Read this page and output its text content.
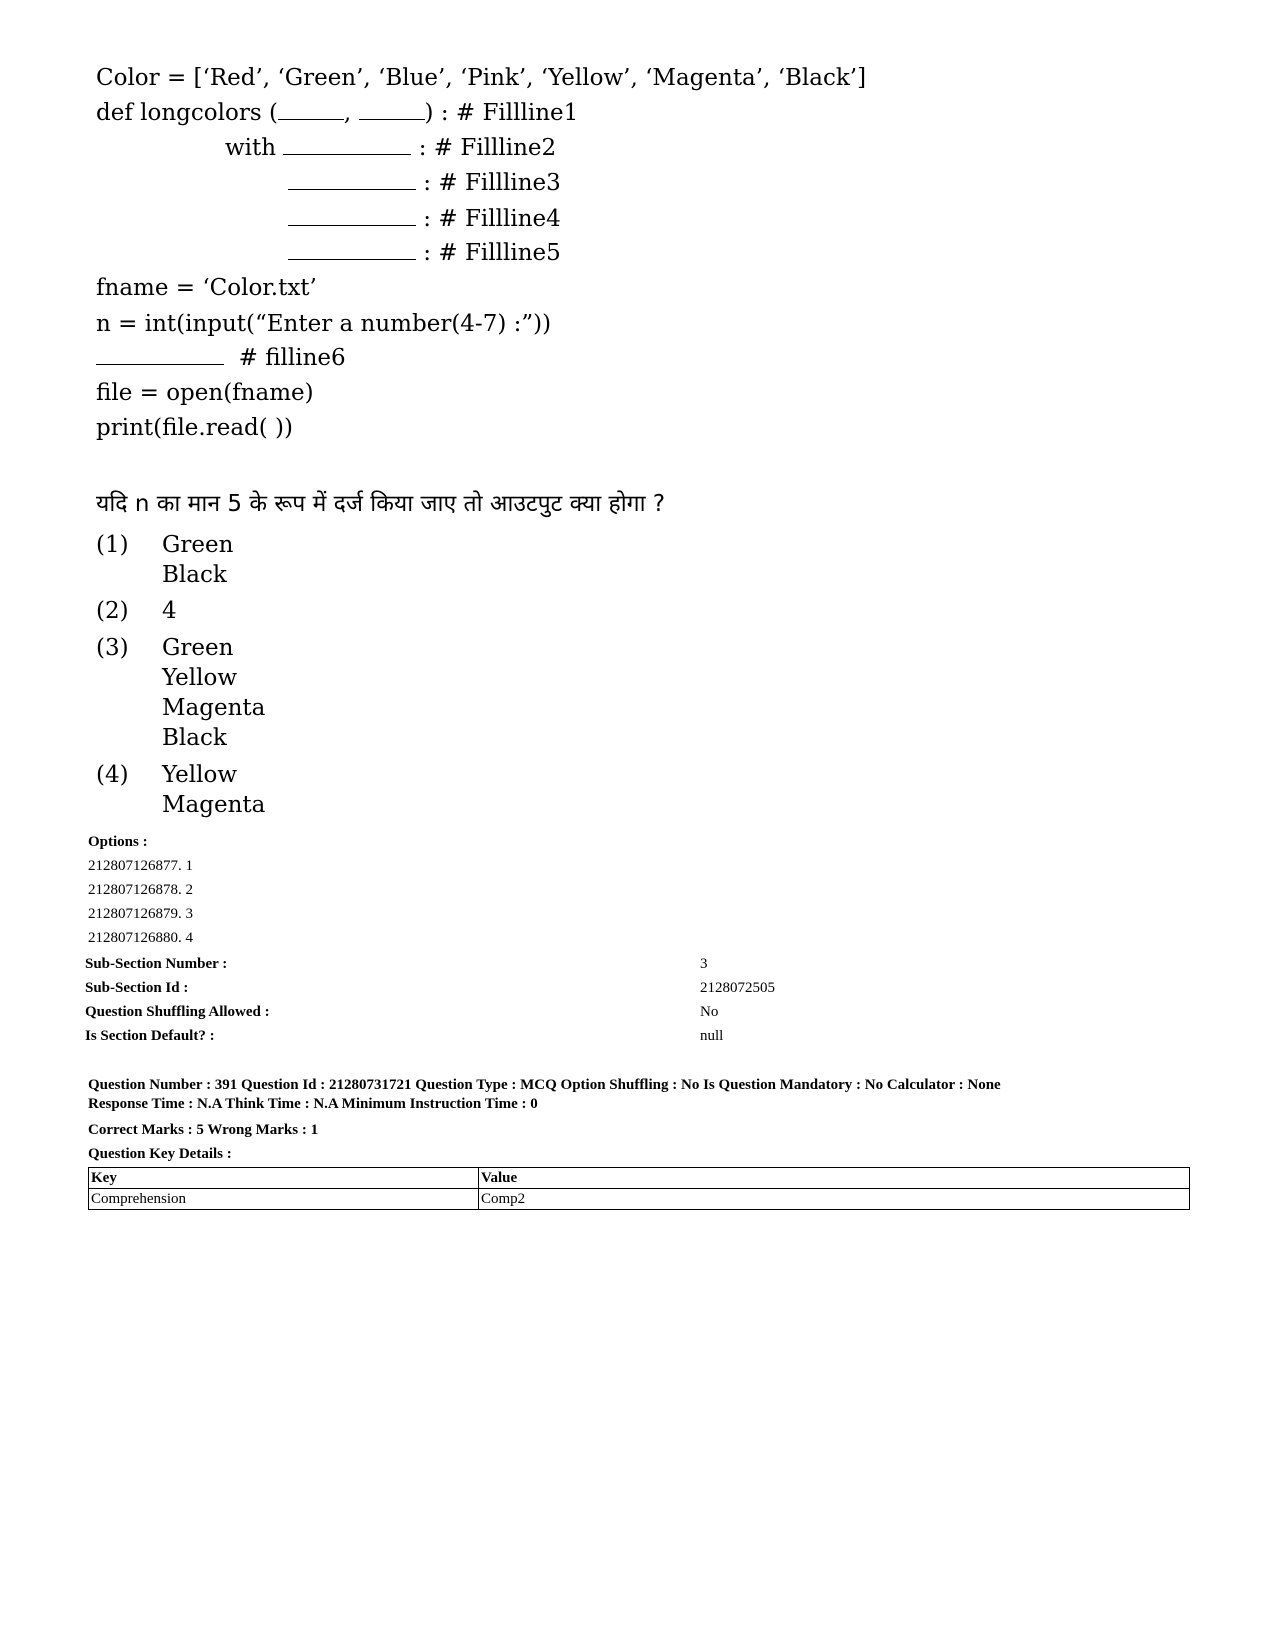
Color = [‘Red’, ‘Green’, ‘Blue’, ‘Pink’, ‘Yellow’, ‘Magenta’, ‘Black’]
def longcolors (	,	) : # Fillline1
with	: # Fillline2
: # Fillline3
: # Fillline4
: # Fillline5
fname = ‘Color.txt’
n = int(input(“Enter a number(4-7) :”))
# filline6
file = open(fname)
print(file.read( ))
यदि n का मान 5 के रूप में दर्ज किया जाए तो आउटपुट क्या होगा ?
(1) Green
Black
(2) 4
(3) Green
Yellow
Magenta
Black
(4) Yellow
Magenta
Options :
212807126877. 1
212807126878. 2
212807126879. 3
212807126880. 4
Sub-Section Number :	3
Sub-Section Id :	2128072505
Question Shuffling Allowed :	No
Is Section Default? :	null
Question Number : 391 Question Id : 21280731721 Question Type : MCQ Option Shuffling : No Is Question Mandatory : No Calculator : None
Response Time : N.A Think Time : N.A Minimum Instruction Time : 0
Correct Marks : 5 Wrong Marks : 1
Question Key Details :
Key	Value
Comprehension	Comp2
